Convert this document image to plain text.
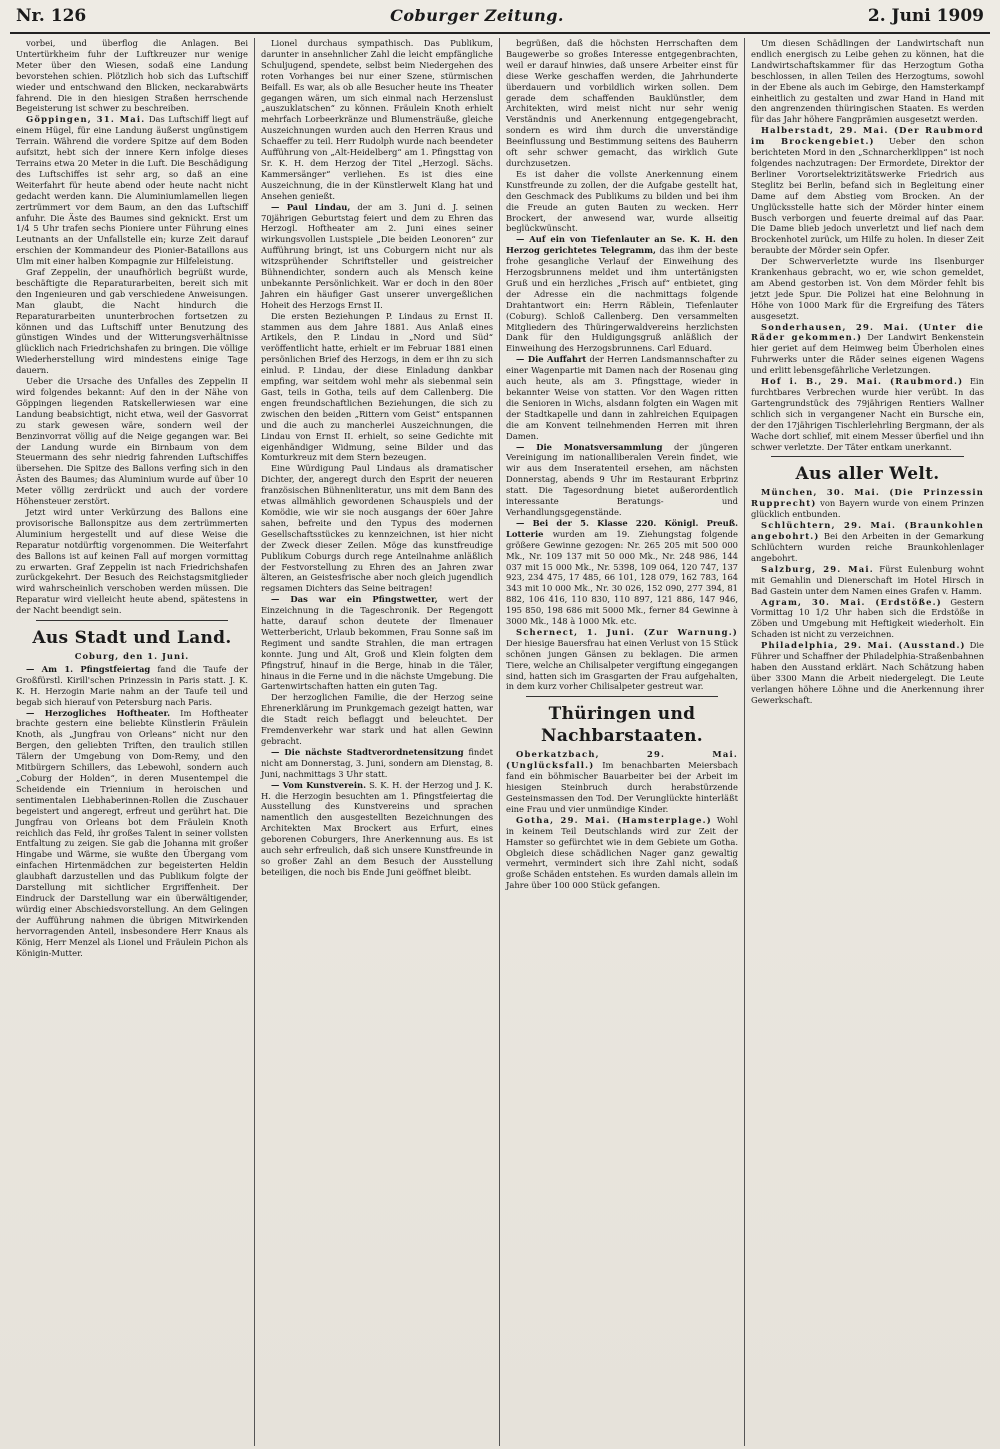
Nr. 126	Coburger Zeitung.	2. Juni 1909

vorbei, und überflog die Anlagen. Bei Untertürkheim fuhr der Luftkreuzer nur wenige Meter über den Wiesen, sodaß eine Landung bevorstehen schien. Plötzlich hob sich das Luftschiff wieder und entschwand den Blicken, neckarabwärts fahrend. Die in den hiesigen Straßen herrschende Begeisterung ist schwer zu beschreiben.

Göppingen, 31. Mai. Das Luftschiff liegt auf einem Hügel, für eine Landung äußerst ungünstigem Terrain. Während die vordere Spitze auf dem Boden aufsitzt, hebt sich der innere Kern infolge dieses Terrains etwa 20 Meter in die Luft. Die Beschädigung des Luftschiffes ist sehr arg, so daß an eine Weiterfahrt für heute abend oder heute nacht nicht gedacht werden kann. Die Aluminiumlamellen liegen zertrümmert vor dem Baum, an den das Luftschiff anfuhr. Die Äste des Baumes sind geknickt. Erst um 1/4 5 Uhr trafen sechs Pioniere unter Führung eines Leutnants an der Unfallstelle ein; kurze Zeit darauf erschien der Kommandeur des Pionier-Bataillons aus Ulm mit einer halben Kompagnie zur Hilfeleistung.

Graf Zeppelin, der unaufhörlich begrüßt wurde, beschäftigte die Reparaturarbeiten, bereit sich mit den Ingenieuren und gab verschiedene Anweisungen. Man glaubt, die Nacht hindurch die Reparaturarbeiten ununterbrochen fortsetzen zu können und das Luftschiff unter Benutzung des günstigen Windes und der Witterungsverhältnisse glücklich nach Friedrichshafen zu bringen. Die völlige Wiederherstellung wird mindestens einige Tage dauern.

Ueber die Ursache des Unfalles des Zeppelin II wird folgendes bekannt: Auf den in der Nähe von Göppingen liegenden Ratskellerwiesen war eine Landung beabsichtigt, nicht etwa, weil der Gasvorrat zu stark gewesen wäre, sondern weil der Benzinvorrat völlig auf die Neige gegangen war. Bei der Landung wurde ein Birnbaum von dem Steuermann des sehr niedrig fahrenden Luftschiffes übersehen. Die Spitze des Ballons verfing sich in den Ästen des Baumes; das Aluminium wurde auf über 10 Meter völlig zerdrückt und auch der vordere Höhensteuer zerstört.

Jetzt wird unter Verkürzung des Ballons eine provisorische Ballonspitze aus dem zertrümmerten Aluminium hergestellt und auf diese Weise die Reparatur notdürftig vorgenommen. Die Weiterfahrt des Ballons ist auf keinen Fall auf morgen vormittag zu erwarten. Graf Zeppelin ist nach Friedrichshafen zurückgekehrt. Der Besuch des Reichstagsmitglieder wird wahrscheinlich verschoben werden müssen. Die Reparatur wird vielleicht heute abend, spätestens in der Nacht beendigt sein.

Aus Stadt und Land.
Coburg, den 1. Juni.

— Am 1. Pfingstfeiertag fand die Taufe der Großfürstl. Kirill'schen Prinzessin in Paris statt. J. K. K. H. Herzogin Marie nahm an der Taufe teil und begab sich hierauf von Petersburg nach Paris.

— Herzogliches Hoftheater. Im Hoftheater brachte gestern eine beliebte Künstlerin Fräulein Knoth, als „Jungfrau von Orleans“ nicht nur den Bergen, den geliebten Triften, den traulich stillen Tälern der Umgebung von Dom-Remy, und den Mitbürgern Schillers, das Lebewohl, sondern auch „Coburg der Holden“, in deren Musentempel die Scheidende ein Triennium in heroischen und sentimentalen Liebhaberinnen-Rollen die Zuschauer begeistert und angeregt, erfreut und gerührt hat. Die Jungfrau von Orleans bot dem Fräulein Knoth reichlich das Feld, ihr großes Talent in seiner vollsten Entfaltung zu zeigen. Sie gab die Johanna mit großer Hingabe und Wärme, sie wußte den Übergang vom einfachen Hirtenmädchen zur begeisterten Heldin glaubhaft darzustellen und das Publikum folgte der Darstellung mit sichtlicher Ergriffenheit. Der Eindruck der Darstellung war ein überwältigender, würdig einer Abschiedsvorstellung. An dem Gelingen der Aufführung nahmen die übrigen Mitwirkenden hervorragenden Anteil, insbesondere Herr Knaus als König, Herr Menzel als Lionel und Fräulein Pichon als Königin-Mutter.

Lionel durchaus sympathisch. Das Publikum, darunter in ansehnlicher Zahl die leicht empfängliche Schuljugend, spendete, selbst beim Niedergehen des roten Vorhanges bei nur einer Szene, stürmischen Beifall. Es war, als ob alle Besucher heute ins Theater gegangen wären, um sich einmal nach Herzenslust „auszuklatschen“ zu können. Fräulein Knoth erhielt mehrfach Lorbeerkränze und Blumensträuße, gleiche Auszeichnungen wurden auch den Herren Kraus und Schaeffer zu teil. Herr Rudolph wurde nach beendeter Aufführung von „Alt-Heidelberg“ am 1. Pfingsttag von Sr. K. H. dem Herzog der Titel „Herzogl. Sächs. Kammersänger“ verliehen. Es ist dies eine Auszeichnung, die in der Künstlerwelt Klang hat und Ansehen genießt.

— Paul Lindau, der am 3. Juni d. J. seinen 70jährigen Geburtstag feiert und dem zu Ehren das Herzogl. Hoftheater am 2. Juni eines seiner wirkungsvollen Lustspiele „Die beiden Leonoren“ zur Aufführung bringt, ist uns Coburgern nicht nur als witzsprühender Schriftsteller und geistreicher Bühnendichter, sondern auch als Mensch keine unbekannte Persönlichkeit. War er doch in den 80er Jahren ein häufiger Gast unserer unvergeßlichen Hoheit des Herzogs Ernst II.

Die ersten Beziehungen P. Lindaus zu Ernst II. stammen aus dem Jahre 1881. Aus Anlaß eines Artikels, den P. Lindau in „Nord und Süd“ veröffentlicht hatte, erhielt er im Februar 1881 einen persönlichen Brief des Herzogs, in dem er ihn zu sich einlud. P. Lindau, der diese Einladung dankbar empfing, war seitdem wohl mehr als siebenmal sein Gast, teils in Gotha, teils auf dem Callenberg. Die engen freundschaftlichen Beziehungen, die sich zu zwischen den beiden „Rittern vom Geist“ entspannen und die auch zu mancherlei Auszeichnungen, die Lindau von Ernst II. erhielt, so seine Gedichte mit eigenhändiger Widmung, seine Bilder und das Komturkreuz mit dem Stern bezeugen.

Eine Würdigung Paul Lindaus als dramatischer Dichter, der, angeregt durch den Esprit der neueren französischen Bühnenliteratur, uns mit dem Bann des etwas allmählich gewordenen Schauspiels und der Komödie, wie wir sie noch ausgangs der 60er Jahre sahen, befreite und den Typus des modernen Gesellschaftsstückes zu kennzeichnen, ist hier nicht der Zweck dieser Zeilen. Möge das kunstfreudige Publikum Coburgs durch rege Anteilnahme anläßlich der Festvorstellung zu Ehren des an Jahren zwar älteren, an Geistesfrische aber noch gleich jugendlich regsamen Dichters das Seine beitragen!

— Das war ein Pfingstwetter, wert der Einzeichnung in die Tageschronik. Der Regengott hatte, darauf schon deutete der Ilmenauer Wetterbericht, Urlaub bekommen, Frau Sonne saß im Regiment und sandte Strahlen, die man ertragen konnte. Jung und Alt, Groß und Klein folgten dem Pfingstruf, hinauf in die Berge, hinab in die Täler, hinaus in die Ferne und in die nächste Umgebung. Die Gartenwirtschaften hatten ein guten Tag.

Der herzoglichen Familie, die der Herzog seine Ehrenerklärung im Prunkgemach gezeigt hatten, war die Stadt reich beflaggt und beleuchtet. Der Fremdenverkehr war stark und hat allen Gewinn gebracht.

— Die nächste Stadtverordnetensitzung findet nicht am Donnerstag, 3. Juni, sondern am Dienstag, 8. Juni, nachmittags 3 Uhr statt.

— Vom Kunstverein. S. K. H. der Herzog und J. K. H. die Herzogin besuchten am 1. Pfingstfeiertag die Ausstellung des Kunstvereins und sprachen namentlich den ausgestellten Bezeichnungen des Architekten Max Brockert aus Erfurt, eines geborenen Coburgers, Ihre Anerkennung aus. Es ist auch sehr erfreulich, daß sich unsere Kunstfreunde in so großer Zahl an dem Besuch der Ausstellung beteiligen, die noch bis Ende Juni geöffnet bleibt.

begrüßen, daß die höchsten Herrschaften dem Baugewerbe so großes Interesse entgegenbrachten, weil er darauf hinwies, daß unsere Arbeiter einst für diese Werke geschaffen werden, die Jahrhunderte überdauern und vorbildlich wirken sollen. Dem gerade dem schaffenden Bauklünstler, dem Architekten, wird meist nicht nur sehr wenig Verständnis und Anerkennung entgegengebracht, sondern es wird ihm durch die unverständige Beeinflussung und Bestimmung seitens des Bauherrn oft sehr schwer gemacht, das wirklich Gute durchzusetzen.

Es ist daher die vollste Anerkennung einem Kunstfreunde zu zollen, der die Aufgabe gestellt hat, den Geschmack des Publikums zu bilden und bei ihm die Freude an guten Bauten zu wecken. Herr Brockert, der anwesend war, wurde allseitig beglückwünscht.

— Auf ein von Tiefenlauter an Se. K. H. den Herzog gerichtetes Telegramm, das ihm der beste frohe gesangliche Verlauf der Einweihung des Herzogsbrunnens meldet und ihm untertänigsten Gruß und ein herzliches „Frisch auf“ entbietet, ging der Adresse ein die nachmittags folgende Drahtantwort ein: Herrn Räblein, Tiefenlauter (Coburg). Schloß Callenberg. Den versammelten Mitgliedern des Thüringerwaldvereins herzlichsten Dank für den Huldigungsgruß anläßlich der Einweihung des Herzogsbrunnens. Carl Eduard.

— Die Auffahrt der Herren Landsmannschafter zu einer Wagenpartie mit Damen nach der Rosenau ging auch heute, als am 3. Pfingsttage, wieder in bekannter Weise von statten. Vor den Wagen ritten die Senioren in Wichs, alsdann folgten ein Wagen mit der Stadtkapelle und dann in zahlreichen Equipagen die am Konvent teilnehmenden Herren mit ihren Damen.

— Die Monatsversammlung der jüngeren Vereinigung im nationalliberalen Verein findet, wie wir aus dem Inseratenteil ersehen, am nächsten Donnerstag, abends 9 Uhr im Restaurant Erbprinz statt. Die Tagesordnung bietet außerordentlich interessante Beratungs- und Verhandlungsgegenstände.

— Bei der 5. Klasse 220. Königl. Preuß. Lotterie wurden am 19. Ziehungstag folgende größere Gewinne gezogen: Nr. 265 205 mit 500 000 Mk., Nr. 109 137 mit 50 000 Mk., Nr. 248 986, 144 037 mit 15 000 Mk., Nr. 5398, 109 064, 120 747, 137 923, 234 475, 17 485, 66 101, 128 079, 162 783, 164 343 mit 10 000 Mk., Nr. 30 026, 152 090, 277 394, 81 882, 106 416, 110 830, 110 897, 121 886, 147 946, 195 850, 198 686 mit 5000 Mk., ferner 84 Gewinne à 3000 Mk., 148 à 1000 Mk. etc.

Schernect, 1. Juni. (Zur Warnung.) Der hiesige Bauersfrau hat einen Verlust von 15 Stück schönen jungen Gänsen zu beklagen. Die armen Tiere, welche an Chilisalpeter vergiftung eingegangen sind, hatten sich im Grasgarten der Frau aufgehalten, in dem kurz vorher Chilisalpeter gestreut war.

Thüringen und Nachbarstaaten.

Oberkatzbach, 29. Mai. (Unglücksfall.) Im benachbarten Meiersbach fand ein böhmischer Bauarbeiter bei der Arbeit im hiesigen Steinbruch durch herabstürzende Gesteinsmassen den Tod. Der Verunglückte hinterläßt eine Frau und vier unmündige Kinder.

Gotha, 29. Mai. (Hamsterplage.) Wohl in keinem Teil Deutschlands wird zur Zeit der Hamster so gefürchtet wie in dem Gebiete um Gotha. Obgleich diese schädlichen Nager ganz gewaltig vermehrt, vermindert sich ihre Zahl nicht, sodaß große Schäden entstehen. Es wurden damals allein im Jahre über 100 000 Stück gefangen.

Um diesen Schädlingen der Landwirtschaft nun endlich energisch zu Leibe gehen zu können, hat die Landwirtschaftskammer für das Herzogtum Gotha beschlossen, in allen Teilen des Herzogtums, sowohl in der Ebene als auch im Gebirge, den Hamsterkampf einheitlich zu gestalten und zwar Hand in Hand mit den angrenzenden thüringischen Staaten. Es werden für das Jahr höhere Fangprämien ausgesetzt werden.

Halberstadt, 29. Mai. (Der Raubmord im Brockengebiet.) Ueber den schon berichteten Mord in den „Schnarcherklippen“ ist noch folgendes nachzutragen: Der Ermordete, Direktor der Berliner Vorortselektrizitätswerke Friedrich aus Steglitz bei Berlin, befand sich in Begleitung einer Dame auf dem Abstieg vom Brocken. An der Unglücksstelle hatte sich der Mörder hinter einem Busch verborgen und feuerte dreimal auf das Paar. Die Dame blieb jedoch unverletzt und lief nach dem Brockenhotel zurück, um Hilfe zu holen. In dieser Zeit beraubte der Mörder sein Opfer.

Der Schwerverletzte wurde ins Ilsenburger Krankenhaus gebracht, wo er, wie schon gemeldet, am Abend gestorben ist. Von dem Mörder fehlt bis jetzt jede Spur. Die Polizei hat eine Belohnung in Höhe von 1000 Mark für die Ergreifung des Täters ausgesetzt.

Sonderhausen, 29. Mai. (Unter die Räder gekommen.) Der Landwirt Benkenstein hier geriet auf dem Heimweg beim Überholen eines Fuhrwerks unter die Räder seines eigenen Wagens und erlitt lebensgefährliche Verletzungen.

Hof i. B., 29. Mai. (Raubmord.) Ein furchtbares Verbrechen wurde hier verübt. In das Gartengrundstück des 79jährigen Rentiers Wallner schlich sich in vergangener Nacht ein Bursche ein, der den 17jährigen Tischlerlehrling Bergmann, der als Wache dort schlief, mit einem Messer überfiel und ihn schwer verletzte. Der Täter entkam unerkannt.

Aus aller Welt.

München, 30. Mai. (Die Prinzessin Rupprecht) von Bayern wurde von einem Prinzen glücklich entbunden.

Schlüchtern, 29. Mai. (Braunkohlen angebohrt.) Bei den Arbeiten in der Gemarkung Schlüchtern wurden reiche Braunkohlenlager angebohrt.

Salzburg, 29. Mai. Fürst Eulenburg wohnt mit Gemahlin und Dienerschaft im Hotel Hirsch in Bad Gastein unter dem Namen eines Grafen v. Hamm.

Agram, 30. Mai. (Erdstöße.) Gestern Vormittag 10 1/2 Uhr haben sich die Erdstöße in Zöben und Umgebung mit Heftigkeit wiederholt. Ein Schaden ist nicht zu verzeichnen.

Philadelphia, 29. Mai. (Ausstand.) Die Führer und Schaffner der Philadelphia-Straßenbahnen haben den Ausstand erklärt. Nach Schätzung haben über 3300 Mann die Arbeit niedergelegt. Die Leute verlangen höhere Löhne und die Anerkennung ihrer Gewerkschaft.
